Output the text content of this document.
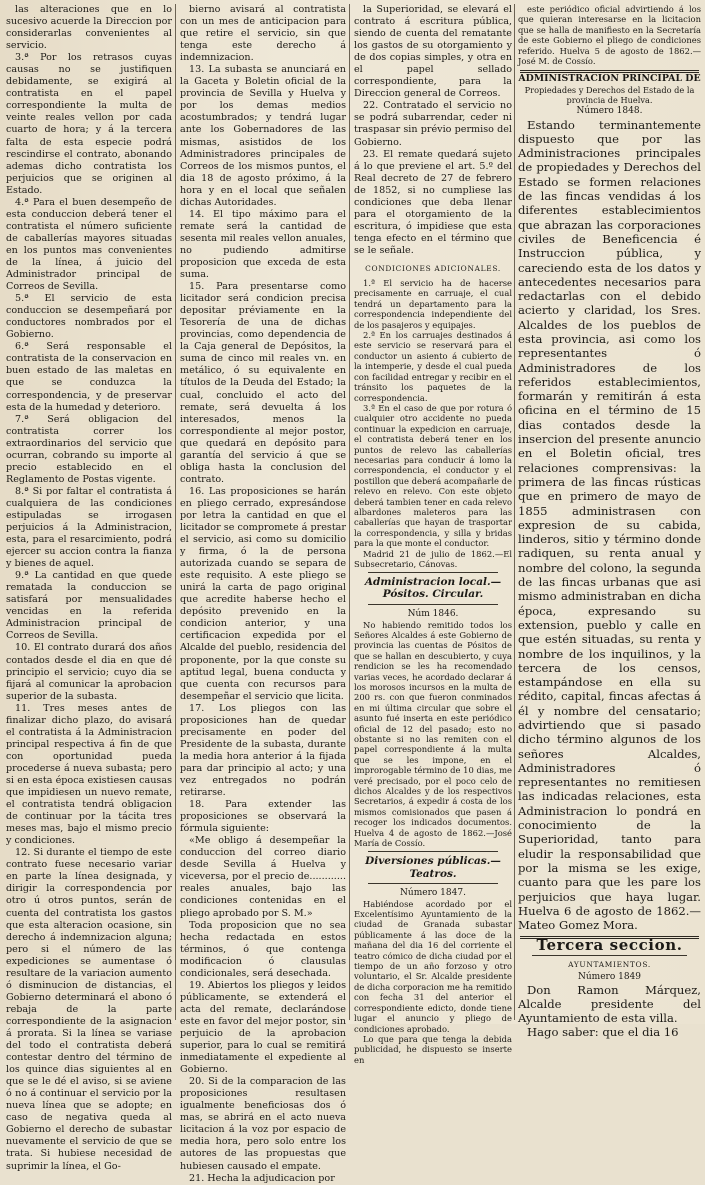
las alteraciones que en lo sucesivo acuerde la Direccion por considerarlas convenientes al servicio.

3.ª Por los retrasos cuyas causas no se justifiquen debidamente, se exigirá al contratista en el papel correspondiente la multa de veinte reales vellon por cada cuarto de hora; y á la tercera falta de esta especie podrá rescindirse el contrato, abonando ademas dicho contratista los perjuicios que se originen al Estado.

4.ª Para el buen desempeño de esta conduccion deberá tener el contratista el número suficiente de caballerías mayores situadas en los puntos mas convenientes de la línea, á juicio del Administrador principal de Correos de Sevilla.

5.ª El servicio de esta conduccion se desempeñará por conductores nombrados por el Gobierno.

6.ª Será responsable el contratista de la conservacion en buen estado de las maletas en que se conduzca la correspondencia, y de preservar esta de la humedad y deterioro.

7.ª Será obligacion del contratista correr los extraordinarios del servicio que ocurran, cobrando su importe al precio establecido en el Reglamento de Postas vigente.

8.ª Si por faltar el contratista á cualquiera de las condiciones estipuladas se irrogasen perjuicios á la Administracion, esta, para el resarcimiento, podrá ejercer su accion contra la fianza y bienes de aquel.

9.ª La cantidad en que quede rematada la conduccion se satisfará por mensualidades vencidas en la referida Administracion principal de Correos de Sevilla.

10. El contrato durará dos años contados desde el dia en que dé principio el servicio; cuyo dia se fijará al comunicar la aprobacion superior de la subasta.

11. Tres meses antes de finalizar dicho plazo, do avisará el contratista á la Administracion principal respectiva á fin de que con oportunidad pueda procederse á nueva subasta; pero si en esta época existiesen causas que impidiesen un nuevo remate, el contratista tendrá obligacion de continuar por la tácita tres meses mas, bajo el mismo precio y condiciones.

12. Si durante el tiempo de este contrato fuese necesario variar en parte la línea designada, y dirigir la correspondencia por otro ú otros puntos, serán de cuenta del contratista los gastos que esta alteracion ocasione, sin derecho á indemnizacion alguna; pero si el número de las expediciones se aumentase ó resultare de la variacion aumento ó disminucion de distancias, el Gobierno determinará el abono ó rebaja de la parte correspondiente de la asignacion á prorata. Si la línea se variase del todo el contratista deberá contestar dentro del término de los quince dias siguientes al en que se le dé el aviso, si se aviene ó no á continuar el servicio por la nueva línea que se adopte; en caso de negativa queda al Gobierno el derecho de subastar nuevamente el servicio de que se trata. Si hubiese necesidad de suprimir la línea, el Go-

bierno avisará al contratista con un mes de anticipacion para que retire el servicio, sin que tenga este derecho á indemnizacion.

13. La subasta se anunciará en la Gaceta y Boletin oficial de la provincia de Sevilla y Huelva y por los demas medios acostumbrados; y tendrá lugar ante los Gobernadores de las mismas, asistidos de los Administradores principales de Correos de los mismos puntos, el dia 18 de agosto próximo, á la hora y en el local que señalen dichas Autoridades.

14. El tipo máximo para el remate será la cantidad de sesenta mil reales vellon anuales, no pudiendo admitirse proposicion que exceda de esta suma.

15. Para presentarse como licitador será condicion precisa depositar préviamente en la Tesorería de una de dichas provincias, como dependencia de la Caja general de Depósitos, la suma de cinco mil reales vn. en metálico, ó su equivalente en títulos de la Deuda del Estado; la cual, concluido el acto del remate, será devuelta á los interesados, menos la correspondiente al mejor postor, que quedará en depósito para garantía del servicio á que se obliga hasta la conclusion del contrato.

16. Las proposiciones se harán en pliego cerrado, expresándose por letra la cantidad en que el licitador se compromete á prestar el servicio, asi como su domicilio y firma, ó la de persona autorizada cuando se separa de este requisito. A este pliego se unirá la carta de pago original que acredite haberse hecho el depósito prevenido en la condicion anterior, y una certificacion expedida por el Alcalde del pueblo, residencia del proponente, por la que conste su aptitud legal, buena conducta y que cuenta con recursos para desempeñar el servicio que licita.

17. Los pliegos con las proposiciones han de quedar precisamente en poder del Presidente de la subasta, durante la media hora anterior á la fijada para dar principio al acto; y una vez entregados no podrán retirarse.

18. Para extender las proposiciones se observará la fórmula siguiente:

«Me obligo á desempeñar la conduccion del correo diario desde Sevilla á Huelva y viceversa, por el precio de............ reales anuales, bajo las condiciones contenidas en el pliego aprobado por S. M.»

Toda proposicion que no sea hecha redactada en estos términos, ó que contenga modificacion ó clausulas condicionales, será desechada.

19. Abiertos los pliegos y leidos públicamente, se extenderá el acta del remate, declarándose este en favor del mejor postor, sin perjuicio de la aprobacion superior, para lo cual se remitirá inmediatamente el expediente al Gobierno.

20. Si de la comparacion de las proposiciones resultasen igualmente beneficiosas dos ó mas, se abrirá en el acto nueva licitacion á la voz por espacio de media hora, pero solo entre los autores de las propuestas que hubiesen causado el empate.

21. Hecha la adjudicacion por

la Superioridad, se elevará el contrato á escritura pública, siendo de cuenta del rematante los gastos de su otorgamiento y de dos copias simples, y otra en el papel sellado correspondiente, para la Direccion general de Correos.

22. Contratado el servicio no se podrá subarrendar, ceder ni traspasar sin prévio permiso del Gobierno.

23. El remate quedará sujeto á lo que previene el art. 5.º del Real decreto de 27 de febrero de 1852, si no cumpliese las condiciones que deba llenar para el otorgamiento de la escritura, ó impidiese que esta tenga efecto en el término que se le señale.

CONDICIONES ADICIONALES.

1.ª El servicio ha de hacerse precisamente en carruaje, el cual tendrá un departamento para la correspondencia independiente del de los pasajeros y equipajes.

2.ª En los carruajes destinados á este servicio se reservará para el conductor un asiento á cubierto de la intemperie, y desde el cual pueda con facilidad entregar y recibir en el tránsito los paquetes de la correspondencia.

3.ª En el caso de que por rotura ó cualquier otro accidente no pueda continuar la expedicion en carruaje, el contratista deberá tener en los puntos de relevo las caballerías necesarias para conducir á lomo la correspondencia, el conductor y el postillon que deberá acompañarle de relevo en relevo. Con este objeto deberá tambien tener en cada relevo albardones maleteros para las caballerías que hayan de trasportar la correspondencia, y silla y bridas para la que monte el conductor.

Madrid 21 de julio de 1862.—El Subsecretario, Cánovas.

Administracion local.—Pósitos. Circular.

Núm 1846.

No habiendo remitido todos los Señores Alcaldes á este Gobierno de provincia las cuentas de Pósitos de que se hallan en descubierto, y cuya rendicion se les ha recomendado varias veces, he acordado declarar á los morosos incursos en la multa de 200 rs. con que fueron conminados en mi última circular que sobre el asunto fué inserta en este periódico oficial de 12 del pasado; esto no obstante si no las remiten con el papel correspondiente á la multa que se les impone, en el improrogable término de 10 dias, me veré precisado, por el poco celo de dichos Alcaldes y de los respectivos Secretarios, á expedir á costa de los mismos comisionados que pasen á recoger los indicados documentos. Huelva 4 de agosto de 1862.—José María de Cossío.

Diversiones públicas.—Teatros.

Número 1847.

Habiéndose acordado por el Excelentísimo Ayuntamiento de la ciudad de Granada subastar públicamente á las doce de la mañana del dia 16 del corriente el teatro cómico de dicha ciudad por el tiempo de un año forzoso y otro voluntario, el Sr. Alcalde presidente de dicha corporacion me ha remitido con fecha 31 del anterior el correspondiente edicto, donde tiene lugar el anuncio y pliego de condiciones aprobado.

Lo que para que tenga la debida publicidad, he dispuesto se inserte en

este periódico oficial advirtiendo á los que quieran interesarse en la licitacion que se halla de manifiesto en la Secretaría de este Gobierno el pliego de condiciones referido. Huelva 5 de agosto de 1862.—José M. de Cossío.

ADMINISTRACION PRINCIPAL DE

Propiedades y Derechos del Estado de la provincia de Huelva.

Número 1848.

Estando terminantemente dispuesto que por las Administraciones principales de propiedades y Derechos del Estado se formen relaciones de las fincas vendidas á los diferentes establecimientos que abrazan las corporaciones civiles de Beneficencia é Instruccion pública, y careciendo esta de los datos y antecedentes necesarios para redactarlas con el debido acierto y claridad, los Sres. Alcaldes de los pueblos de esta provincia, asi como los representantes ó Administradores de los referidos establecimientos, formarán y remitirán á esta oficina en el término de 15 dias contados desde la insercion del presente anuncio en el Boletin oficial, tres relaciones comprensivas: la primera de las fincas rústicas que en primero de mayo de 1855 administrasen con expresion de su cabida, linderos, sitio y término donde radiquen, su renta anual y nombre del colono, la segunda de las fincas urbanas que asi mismo administraban en dicha época, expresando su extension, pueblo y calle en que estén situadas, su renta y nombre de los inquilinos, y la tercera de los censos, estampándose en ella su rédito, capital, fincas afectas á él y nombre del censatario; advirtiendo que si pasado dicho término algunos de los señores Alcaldes, Administradores ó representantes no remitiesen las indicadas relaciones, esta Administracion lo pondrá en conocimiento de la Superioridad, tanto para eludir la responsabilidad que por la misma se les exige, cuanto para que les pare los perjuicios que haya lugar. Huelva 6 de agosto de 1862.—Mateo Gomez Mora.

Tercera seccion.

AYUNTAMIENTOS.

Número 1849

Don Ramon Márquez, Alcalde presidente del Ayuntamiento de esta villa.

Hago saber: que el dia 16
